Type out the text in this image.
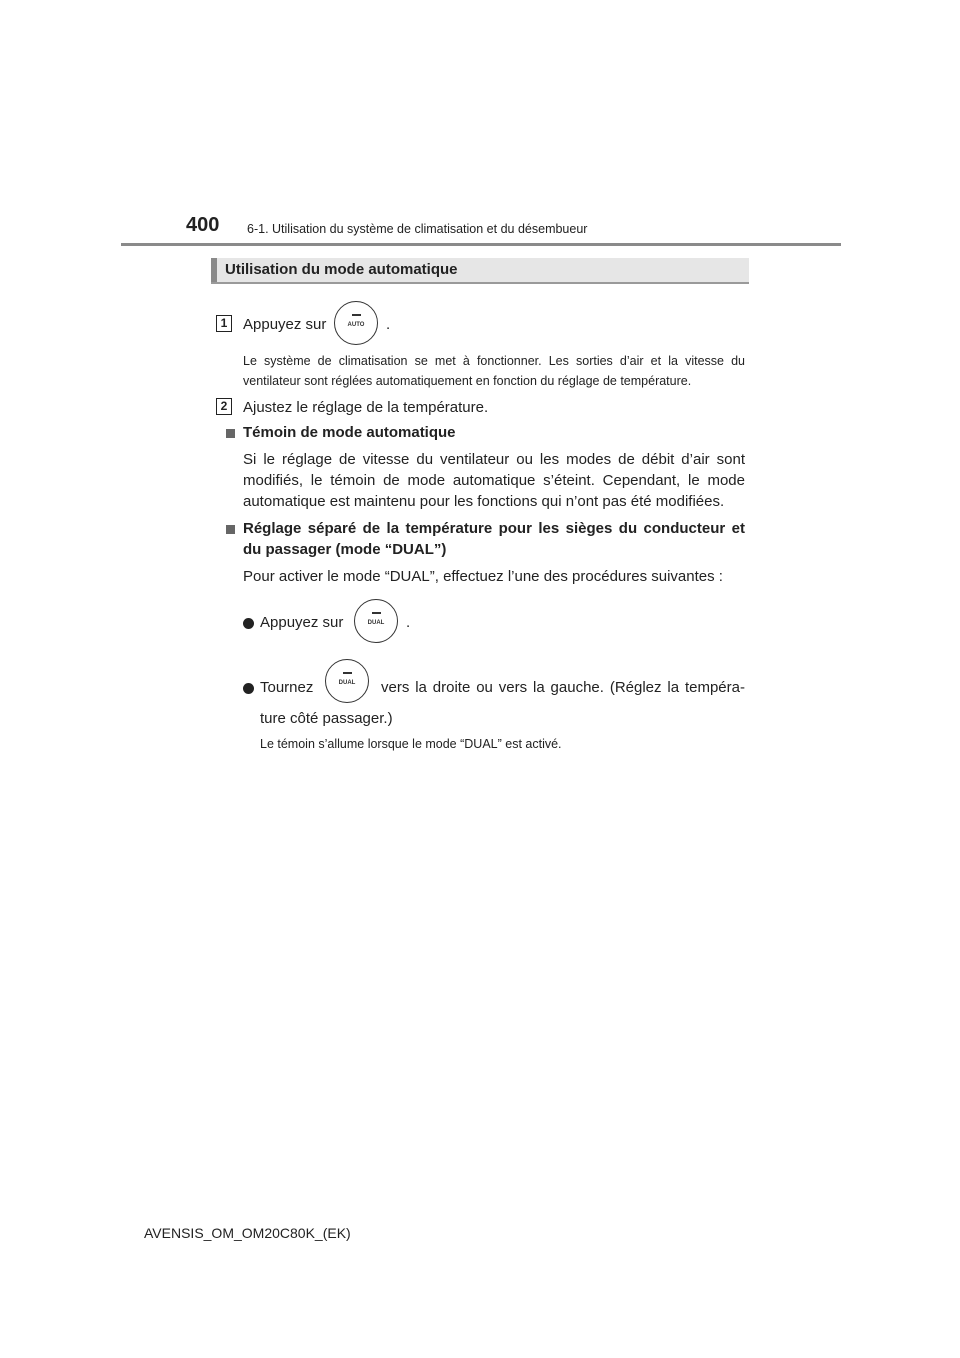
400 6-1. Utilisation du système de climatisation et du désembueur
Utilisation du mode automatique
1	Appuyez sur	AUTO	.
Le système de climatisation se met à fonctionner. Les sorties d’air et la vitesse du
ventilateur sont réglées automatiquement en fonction du réglage de température.
2	Ajustez le réglage de la température.
Témoin de mode automatique
Si le réglage de vitesse du ventilateur ou les modes de débit d’air sont
modifiés, le témoin de mode automatique s’éteint. Cependant, le mode
automatique est maintenu pour les fonctions qui n’ont pas été modifiées.
Réglage séparé de la température pour les sièges du conducteur et
du passager (mode “DUAL”)
Pour activer le mode “DUAL”, effectuez l’une des procédures suivantes :
Appuyez sur	DUAL	.
Tournez	DUAL	vers la droite ou vers la gauche. (Réglez la tempéra-
ture côté passager.)
Le témoin s’allume lorsque le mode “DUAL” est activé.
AVENSIS_OM_OM20C80K_(EK)
